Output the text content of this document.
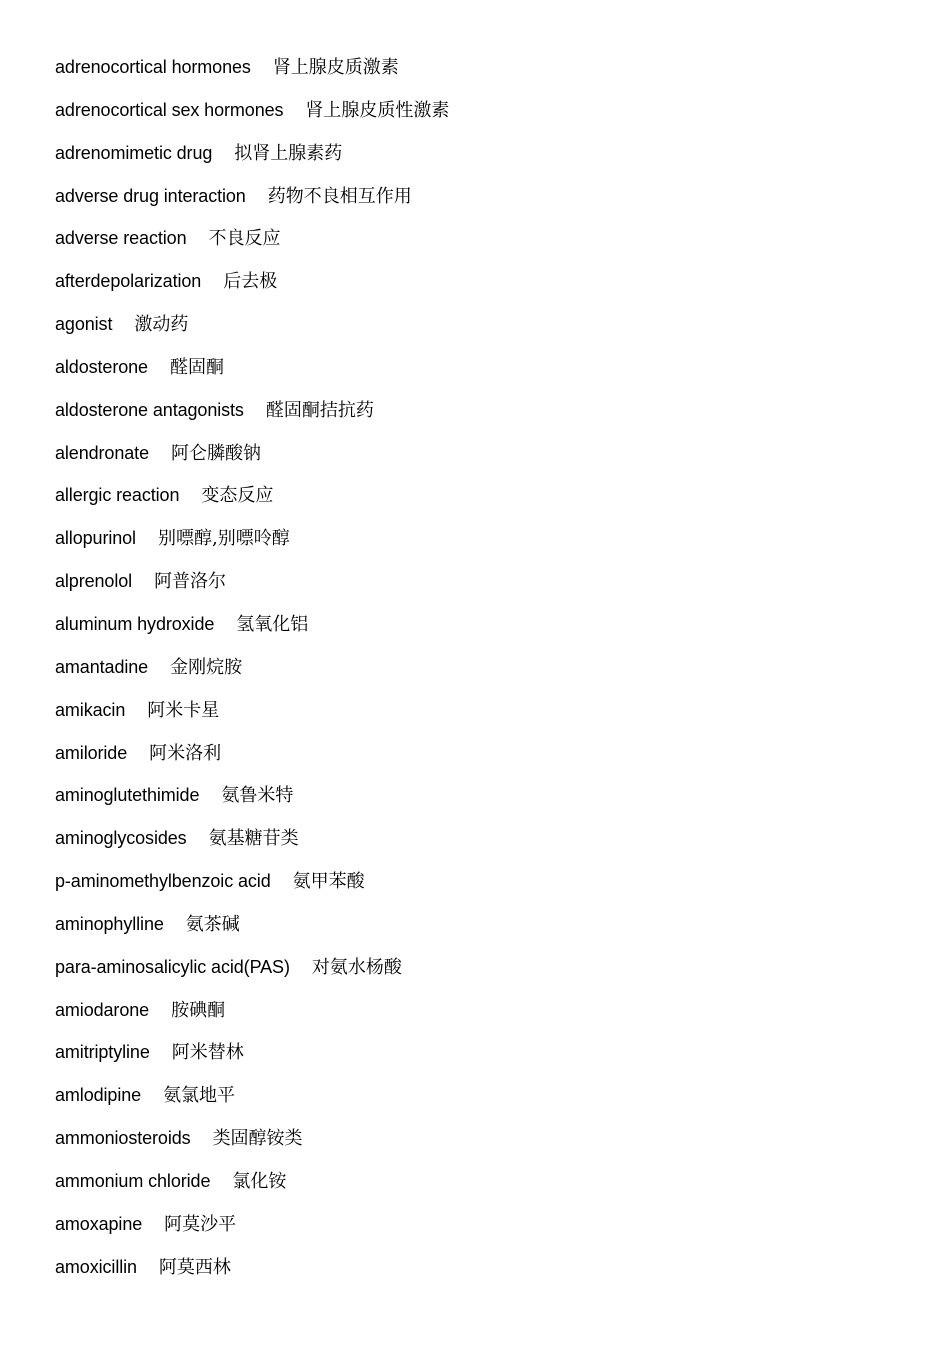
adrenocortical hormones 肾上腺皮质激素
adrenocortical sex hormones 肾上腺皮质性激素
adrenomimetic drug 拟肾上腺素药
adverse drug interaction 药物不良相互作用
adverse reaction 不良反应
afterdepolarization 后去极
agonist 激动药
aldosterone 醛固酮
aldosterone antagonists 醛固酮拮抗药
alendronate 阿仑膦酸钠
allergic reaction 变态反应
allopurinol 别嘌醇,别嘌呤醇
alprenolol 阿普洛尔
aluminum hydroxide 氢氧化铝
amantadine 金刚烷胺
amikacin 阿米卡星
amiloride 阿米洛利
aminoglutethimide 氨鲁米特
aminoglycosides 氨基糖苷类
p-aminomethylbenzoic acid 氨甲苯酸
aminophylline 氨茶碱
para-aminosalicylic acid(PAS) 对氨水杨酸
amiodarone 胺碘酮
amitriptyline 阿米替林
amlodipine 氨氯地平
ammoniosteroids 类固醇铵类
ammonium chloride 氯化铵
amoxapine 阿莫沙平
amoxicillin 阿莫西林
